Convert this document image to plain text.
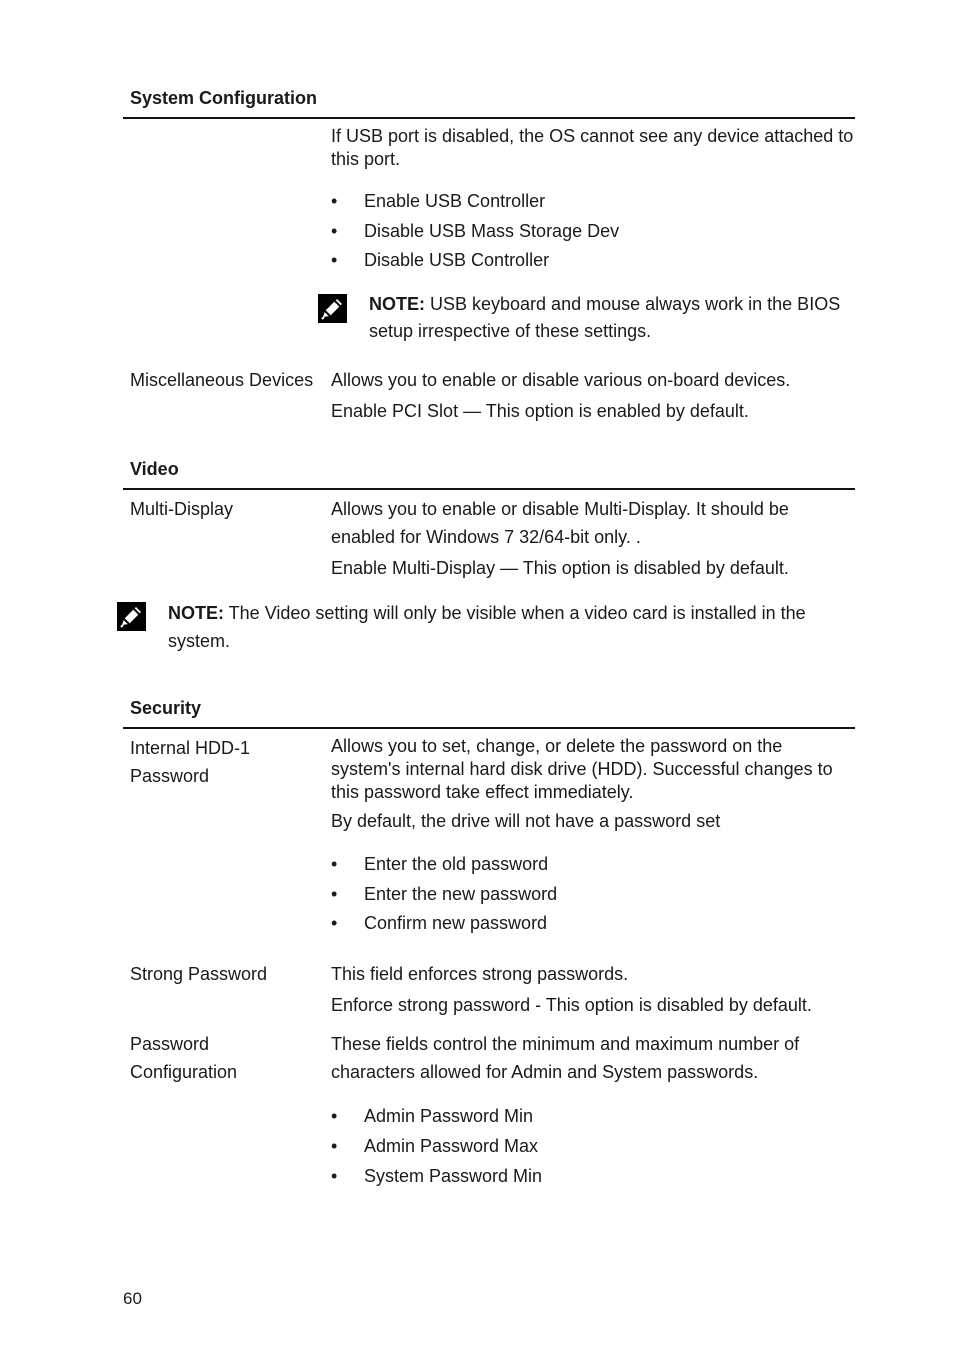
System Configuration
If USB port is disabled, the OS cannot see any device attached to this port.
• Enable USB Controller
• Disable USB Mass Storage Dev
• Disable USB Controller
NOTE: USB keyboard and mouse always work in the BIOS setup irrespective of these settings.
Miscellaneous Devices Allows you to enable or disable various on-board devices.
Enable PCI Slot — This option is enabled by default.
Video
Multi-Display	Allows you to enable or disable Multi-Display. It should be enabled for Windows 7 32/64-bit only. .
Enable Multi-Display — This option is disabled by default.
NOTE: The Video setting will only be visible when a video card is installed in the system.
Security
Internal HDD-1 Password
Allows you to set, change, or delete the password on the system's internal hard disk drive (HDD). Successful changes to this password take effect immediately.
By default, the drive will not have a password set
• Enter the old password
• Enter the new password
• Confirm new password
Strong Password	This field enforces strong passwords.
Enforce strong password - This option is disabled by default.
Password Configuration
These fields control the minimum and maximum number of characters allowed for Admin and System passwords.
• Admin Password Min
• Admin Password Max
• System Password Min
60
